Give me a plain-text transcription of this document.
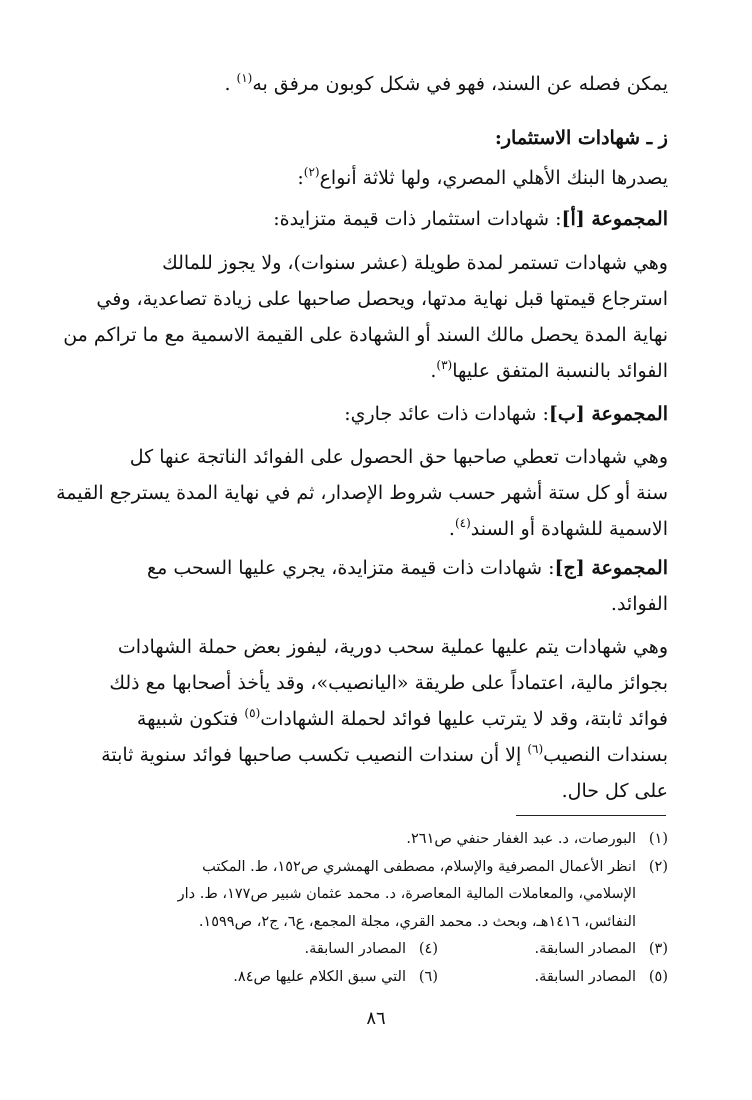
يمكن فصله عن السند، فهو في شكل كوبون مرفق به$^{(١)}$ .
ز ـ شهادات الاستثمار:
يصدرها البنك الأهلي المصري، ولها ثلاثة أنواع$^{(٢)}$:
المجموعة [أ]: شهادات استثمار ذات قيمة متزايدة:
وهي شهادات تستمر لمدة طويلة (عشر سنوات)، ولا يجوز للمالك
استرجاع قيمتها قبل نهاية مدتها، ويحصل صاحبها على زيادة تصاعدية، وفي
نهاية المدة يحصل مالك السند أو الشهادة على القيمة الاسمية مع ما تراكم من
الفوائد بالنسبة المتفق عليها$^{(٣)}$.
المجموعة [ب]: شهادات ذات عائد جاري:
وهي شهادات تعطي صاحبها حق الحصول على الفوائد الناتجة عنها كل
سنة أو كل ستة أشهر حسب شروط الإصدار، ثم في نهاية المدة يسترجع القيمة
الاسمية للشهادة أو السند$^{(٤)}$.
المجموعة [ج]: شهادات ذات قيمة متزايدة، يجري عليها السحب مع
الفوائد.
وهي شهادات يتم عليها عملية سحب دورية، ليفوز بعض حملة الشهادات
بجوائز مالية، اعتماداً على طريقة «اليانصيب»، وقد يأخذ أصحابها مع ذلك
فوائد ثابتة، وقد لا يترتب عليها فوائد لحملة الشهادات$^{(٥)}$ فتكون شبيهة
بسندات النصيب$^{(٦)}$ إلا أن سندات النصيب تكسب صاحبها فوائد سنوية ثابتة
على كل حال.
(١)البورصات، د. عبد الغفار حنفي ص٢٦١.
(٢)انظر الأعمال المصرفية والإسلام، مصطفى الهمشري ص١٥٢، ط. المكتب
الإسلامي، والمعاملات المالية المعاصرة، د. محمد عثمان شبير ص١٧٧، ط. دار
النفائس، ١٤١٦هـ، وبحث د. محمد القري، مجلة المجمع، ع٦، ج٢، ص١٥٩٩.
(٣)المصادر السابقة.
(٤)المصادر السابقة.
(٥)المصادر السابقة.
(٦)التي سبق الكلام عليها ص٨٤.
٨٦
